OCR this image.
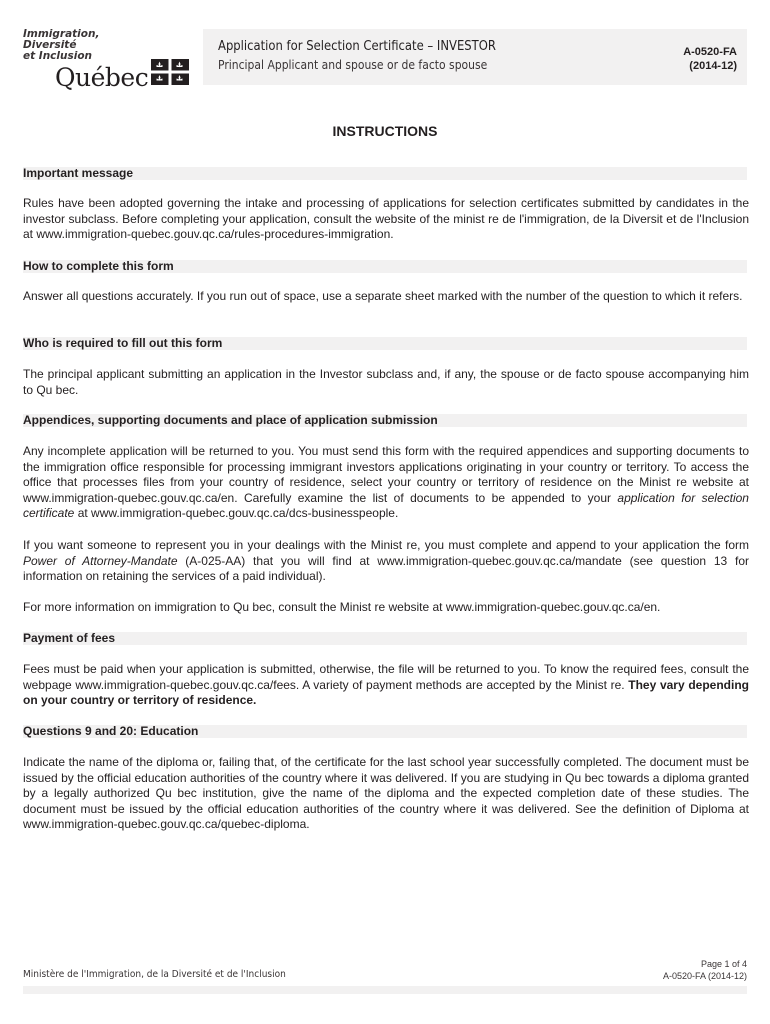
Immigration,
Diversité
et Inclusion
Québec
Application for Selection Certificate – INVESTOR
Principal Applicant and spouse or de facto spouse
A-0520-FA
(2014-12)
INSTRUCTIONS
Important message
Rules have been adopted governing the intake and processing of applications for selection certificates submitted by candidates in the investor subclass. Before completing your application, consult the website of the minist re de l'immigration, de la Diversit et de l'Inclusion at www.immigration-quebec.gouv.qc.ca/rules-procedures-immigration.
How to complete this form
Answer all questions accurately. If you run out of space, use a separate sheet marked with the number of the question to which it refers.
Who is required to fill out this form
The principal applicant submitting an application in the Investor subclass and, if any, the spouse or de facto spouse accompanying him to Qu bec.
Appendices, supporting documents and place of application submission
Any incomplete application will be returned to you. You must send this form with the required appendices and supporting documents to the immigration office responsible for processing immigrant investors applications originating in your country or territory. To access the office that processes files from your country of residence, select your country or territory of residence on the Minist re website at www.immigration-quebec.gouv.qc.ca/en. Carefully examine the list of documents to be appended to your application for selection certificate at www.immigration-quebec.gouv.qc.ca/dcs-businesspeople.
If you want someone to represent you in your dealings with the Minist re, you must complete and append to your application the form Power of Attorney-Mandate (A-025-AA) that you will find at www.immigration-quebec.gouv.qc.ca/mandate (see question 13 for information on retaining the services of a paid individual).
For more information on immigration to Qu bec, consult the Minist re website at www.immigration-quebec.gouv.qc.ca/en.
Payment of fees
Fees must be paid when your application is submitted, otherwise, the file will be returned to you. To know the required fees, consult the webpage www.immigration-quebec.gouv.qc.ca/fees. A variety of payment methods are accepted by the Minist re. They vary depending on your country or territory of residence.
Questions 9 and 20: Education
Indicate the name of the diploma or, failing that, of the certificate for the last school year successfully completed. The document must be issued by the official education authorities of the country where it was delivered. If you are studying in Qu bec towards a diploma granted by a legally authorized Qu bec institution, give the name of the diploma and the expected completion date of these studies. The document must be issued by the official education authorities of the country where it was delivered. See the definition of Diploma at www.immigration-quebec.gouv.qc.ca/quebec-diploma.
Ministère de l'Immigration, de la Diversité et de l'Inclusion
Page 1 of 4
A-0520-FA (2014-12)
